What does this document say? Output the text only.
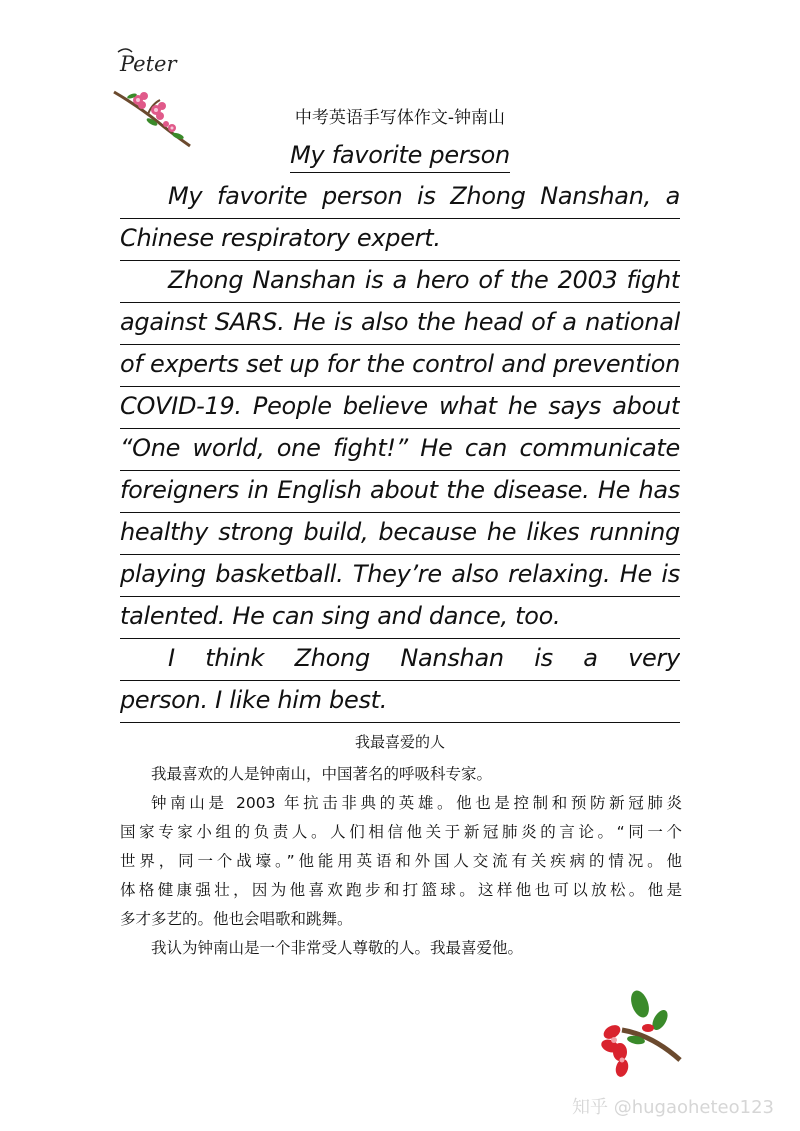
Peter
中考英语手写体作文-钟南山
My favorite person
My favorite person is Zhong Nanshan, a
Chinese respiratory expert.
Zhong Nanshan is a hero of the 2003 fight
against SARS. He is also the head of a national
of experts set up for the control and prevention
COVID-19. People believe what he says about
“One world, one fight!” He can communicate
foreigners in English about the disease. He has
healthy strong build, because he likes running
playing basketball. They’re also relaxing. He is
talented. He can sing and dance, too.
I think Zhong Nanshan is a very
person. I like him best.
我最喜爱的人

我最喜欢的人是钟南山，中国著名的呼吸科专家。

钟南山是 2003 年抗击非典的英雄。他也是控制和预防新冠肺炎

国家专家小组的负责人。人们相信他关于新冠肺炎的言论。“同一个

世界，同一个战壕。”他能用英语和外国人交流有关疾病的情况。他

体格健康强壮，因为他喜欢跑步和打篮球。这样他也可以放松。他是

多才多艺的。他也会唱歌和跳舞。

我认为钟南山是一个非常受人尊敬的人。我最喜爱他。

知乎 @hugaoheteo123
